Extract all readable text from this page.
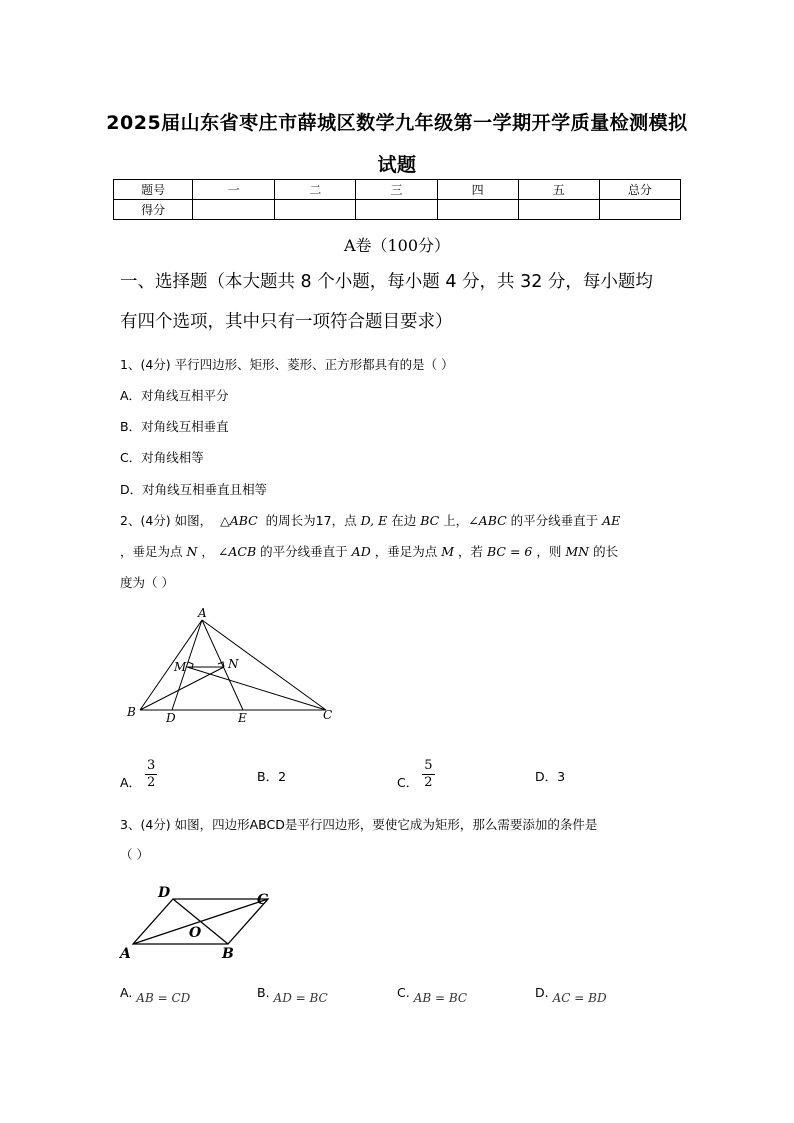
2025届山东省枣庄市薛城区数学九年级第一学期开学质量检测模拟
试题
题号	一	二	三	四	五	总分
得分						
A卷（100分）
一、选择题（本大题共 8 个小题，每小题 4 分，共 32 分，每小题均
有四个选项，其中只有一项符合题目要求）
1、(4分) 平行四边形、矩形、菱形、正方形都具有的是（ ）
A．对角线互相平分
B．对角线互相垂直
C．对角线相等
D．对角线互相垂直且相等
2、(4分) 如图， △ABC 的周长为17，点 D, E 在边 BC 上，∠ABC 的平分线垂直于 AE
，垂足为点 N ， ∠ACB 的平分线垂直于 AD ，垂足为点 M ，若 BC = 6 ，则 MN 的长
度为（ ）
A
B	C
D	E
M	N
A． $\frac{3}{2}$	B．2	C． $\frac{5}{2}$	D．3
3、(4分) 如图，四边形ABCD是平行四边形，要使它成为矩形，那么需要添加的条件是
（ ）
A	B
C
D
O
A. AB = CD	B. AD = BC	C. AB = BC	D. AC = BD
